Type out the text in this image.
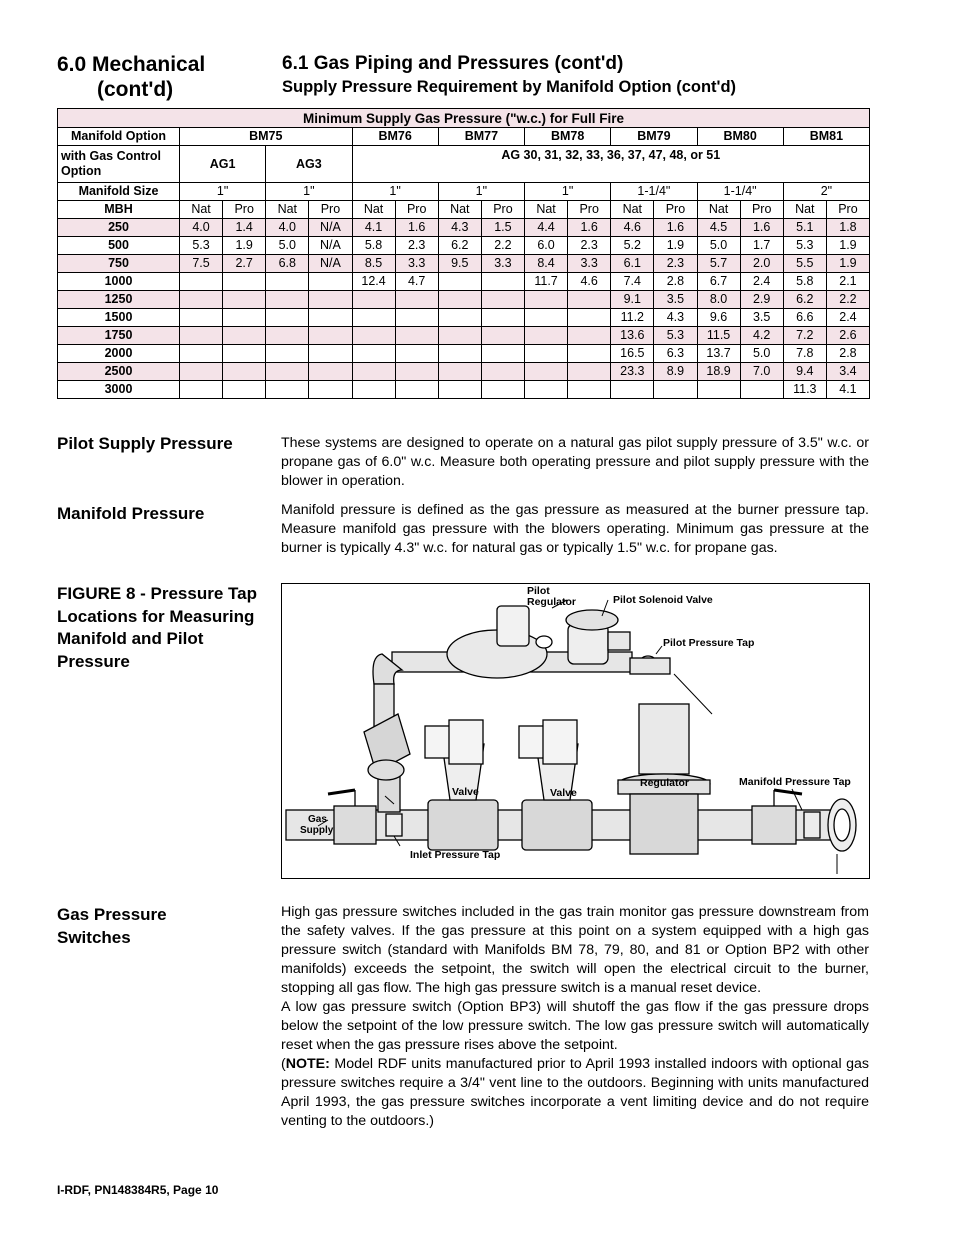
6.0 Mechanical
(cont'd)
6.1 Gas Piping and Pressures (cont'd)
Supply Pressure Requirement by Manifold Option (cont'd)
Minimum Supply Gas Pressure ("w.c.) for Full Fire																
Manifold Option	BM75				BM76		BM77		BM78		BM79		BM80		BM81	
with Gas Control Option	AG1		AG3		AG 30, 31, 32, 33, 36, 37, 47, 48, or 51											
Manifold Size	1"		1"		1"		1"		1"		1-1/4"		1-1/4"		2"	
MBH	Nat	Pro	Nat	Pro	Nat	Pro	Nat	Pro	Nat	Pro	Nat	Pro	Nat	Pro	Nat	Pro
250	4.0	1.4	4.0	N/A	4.1	1.6	4.3	1.5	4.4	1.6	4.6	1.6	4.5	1.6	5.1	1.8
500	5.3	1.9	5.0	N/A	5.8	2.3	6.2	2.2	6.0	2.3	5.2	1.9	5.0	1.7	5.3	1.9
750	7.5	2.7	6.8	N/A	8.5	3.3	9.5	3.3	8.4	3.3	6.1	2.3	5.7	2.0	5.5	1.9
1000					12.4	4.7			11.7	4.6	7.4	2.8	6.7	2.4	5.8	2.1
1250											9.1	3.5	8.0	2.9	6.2	2.2
1500											11.2	4.3	9.6	3.5	6.6	2.4
1750											13.6	5.3	11.5	4.2	7.2	2.6
2000											16.5	6.3	13.7	5.0	7.8	2.8
2500											23.3	8.9	18.9	7.0	9.4	3.4
3000															11.3	4.1
Pilot Supply Pressure	These systems are designed to operate on a natural gas pilot supply pressure of 3.5" w.c. or propane gas of 6.0" w.c. Measure both operating pressure and pilot supply pressure with the blower in operation.

Manifold Pressure	Manifold pressure is defined as the gas pressure as measured at the burner pressure tap. Measure manifold gas pressure with the blowers operating. Minimum gas pressure at the burner is typically 4.3" w.c. for natural gas or typically 1.5" w.c. for propane gas.

FIGURE 8 - Pressure Tap Locations for Measuring Manifold and Pilot Pressure
Pilot
Regulator	Pilot Solenoid Valve
Pilot Pressure Tap
Valve	Valve
Regulator	Manifold Pressure Tap
Gas
Supply
Inlet Pressure Tap
Gas Pressure Switches

High gas pressure switches included in the gas train monitor gas pressure downstream from the safety valves. If the gas pressure at this point on a system equipped with a high gas pressure switch (standard with Manifolds BM 78, 79, 80, and 81 or Option BP2 with other manifolds) exceeds the setpoint, the switch will open the electrical circuit to the burner, stopping all gas flow. The high gas pressure switch is a manual reset device.

A low gas pressure switch (Option BP3) will shutoff the gas flow if the gas pressure drops below the setpoint of the low pressure switch. The low gas pressure switch will automatically reset when the gas pressure rises above the setpoint.

(NOTE: Model RDF units manufactured prior to April 1993 installed indoors with optional gas pressure switches require a 3/4" vent line to the outdoors. Beginning with units manufactured April 1993, the gas pressure switches incorporate a vent limiting device and do not require venting to the outdoors.)

I-RDF, PN148384R5, Page 10
